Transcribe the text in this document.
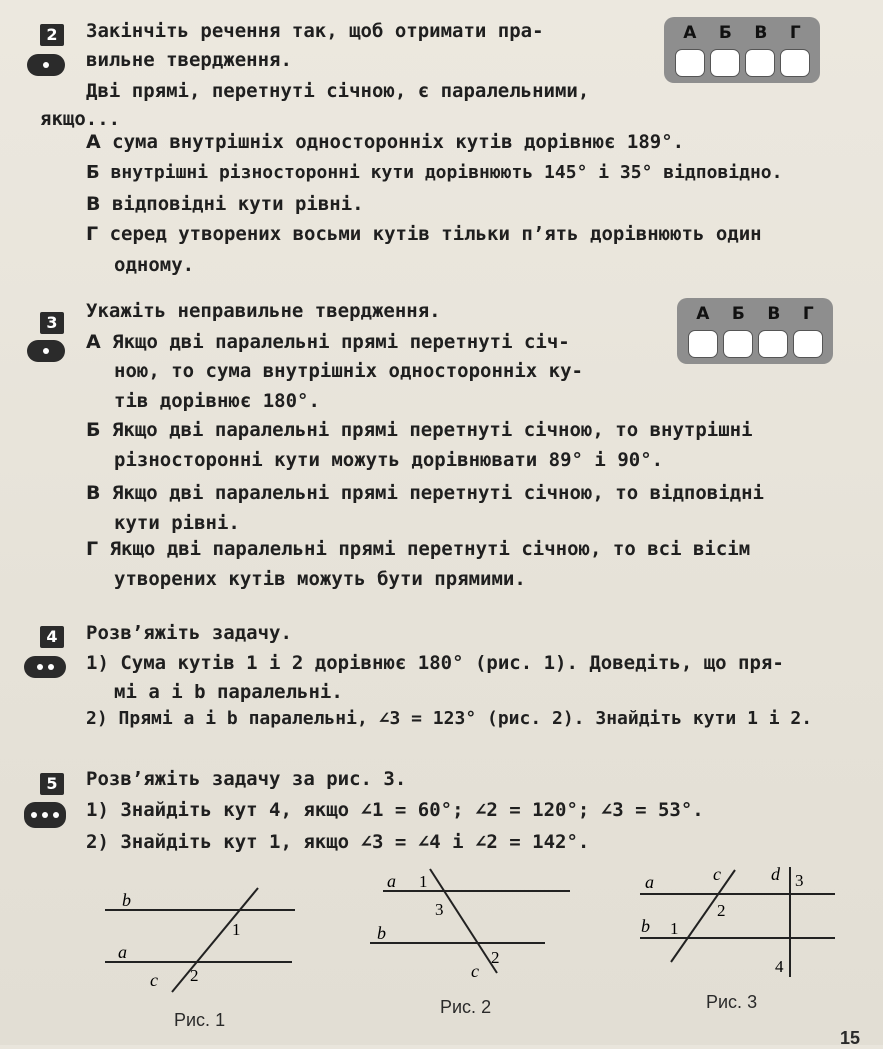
2	Закінчіть речення так, щоб отримати пра-
вильне твердження.
Дві прямі, перетнуті січною, є паралельними,
якщо...
А Б В Г
А сума внутрішніх односторонніх кутів дорівнює 189°.
Б внутрішні різносторонні кути дорівнюють 145° і 35° відповідно.
В відповідні кути рівні.
Г серед утворених восьми кутів тільки п’ять дорівнюють один
одному.
3
Укажіть неправильне твердження.	А Б В Г
А Якщо дві паралельні прямі перетнуті січ-
ною, то сума внутрішніх односторонніх ку-
тів дорівнює 180°.
Б Якщо дві паралельні прямі перетнуті січною, то внутрішні
різносторонні кути можуть дорівнювати 89° і 90°.
В Якщо дві паралельні прямі перетнуті січною, то відповідні
кути рівні.
Г Якщо дві паралельні прямі перетнуті січною, то всі вісім
утворених кутів можуть бути прямими.
4	Розв’яжіть задачу.
1) Сума кутів 1 і 2 дорівнює 180° (рис. 1). Доведіть, що пря-
мі a і b паралельні.
2) Прямі a і b паралельні, ∠3 = 123° (рис. 2). Знайдіть кути 1 і 2.
5	Розв’яжіть задачу за рис. 3.
1) Знайдіть кут 4, якщо ∠1 = 60°; ∠2 = 120°; ∠3 = 53°.
2) Знайдіть кут 1, якщо ∠3 = ∠4 і ∠2 = 142°.
b
a
c
1
2
Рис. 1
a
b
c
1
3
2
Рис. 2
a
b
c	d
1
2
3
4
Рис. 3
15
